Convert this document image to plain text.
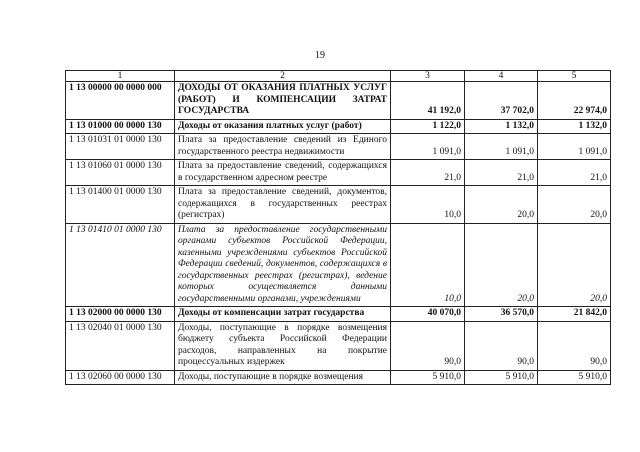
19
1	2	3	4	5
1 13 00000 00 0000 000	ДОХОДЫ ОТ ОКАЗАНИЯ ПЛАТНЫХ УСЛУГ (РАБОТ) И КОМПЕНСАЦИИ ЗАТРАТ ГОСУДАРСТВА	41 192,0	37 702,0	22 974,0
1 13 01000 00 0000 130	Доходы от оказания платных услуг (работ)	1 122,0	1 132,0	1 132,0
1 13 01031 01 0000 130	Плата за предоставление сведений из Единого государственного реестра недвижимости	1 091,0	1 091,0	1 091,0
1 13 01060 01 0000 130	Плата за предоставление сведений, содержащихся в государственном адресном реестре	21,0	21,0	21,0
1 13 01400 01 0000 130	Плата за предоставление сведений, документов, содержащихся в государственных реестрах (регистрах)	10,0	20,0	20,0
1 13 01410 01 0000 130	Плата за предоставление государственными органами субъектов Российской Федерации, казенными учреждениями субъектов Российской Федерации сведений, документов, содержащихся в государственных реестрах (регистрах), ведение которых осуществляется данными государственными органами, учреждениями	10,0	20,0	20,0
1 13 02000 00 0000 130	Доходы от компенсации затрат государства	40 070,0	36 570,0	21 842,0
1 13 02040 01 0000 130	Доходы, поступающие в порядке возмещения бюджету субъекта Российской Федерации расходов, направленных на покрытие процессуальных издержек	90,0	90,0	90,0
1 13 02060 00 0000 130	Доходы, поступающие в порядке возмещения	5 910,0	5 910,0	5 910,0
